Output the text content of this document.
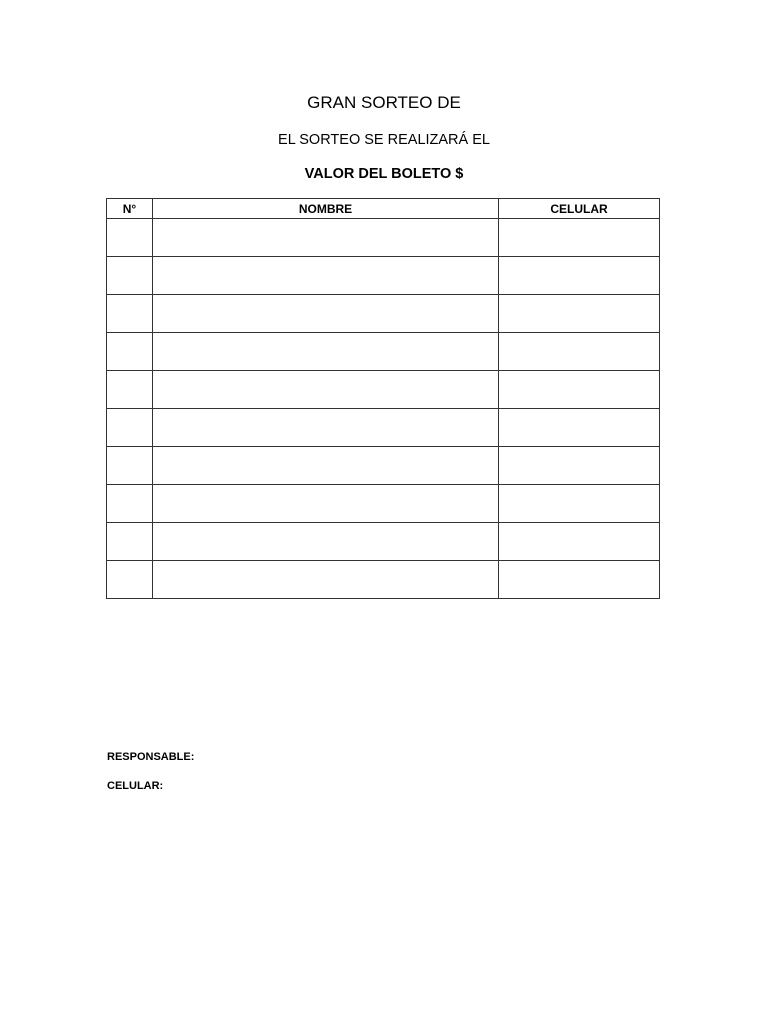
GRAN SORTEO DE
EL SORTEO SE REALIZARÁ EL
VALOR DEL BOLETO $
N°	NOMBRE	CELULAR

RESPONSABLE:
CELULAR:
